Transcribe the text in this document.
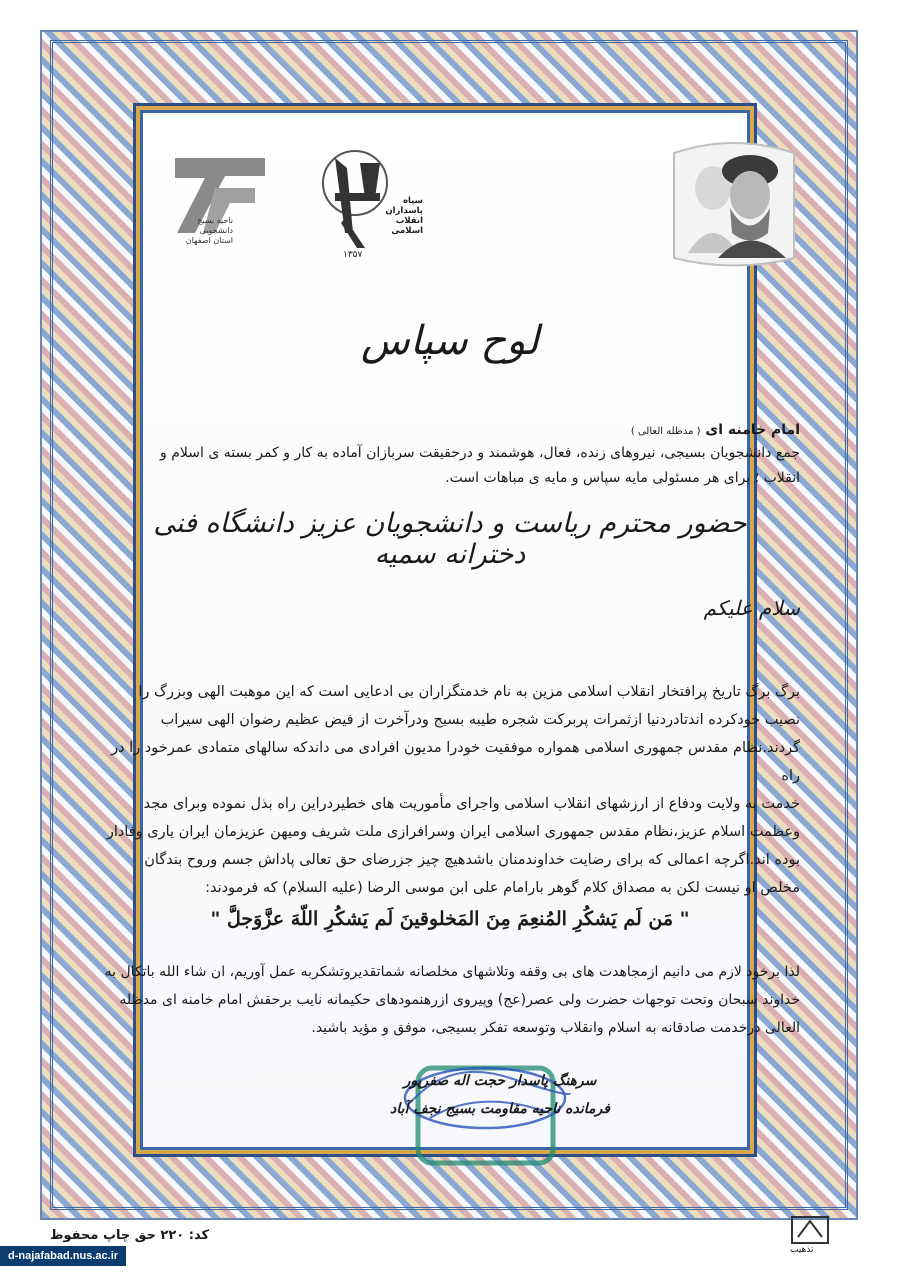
ناحیه بسیج
دانشجویی
استان اصفهان
سپاه
پاسداران
انقلاب
اسلامی
۱۳۵۷
لوح سپاس
امام خامنه ای ( مدظله العالی )
جمع دانشجویان بسیجی، نیروهای زنده، فعال، هوشمند و درحقیقت سربازان آماده به کار و کمر بسته ی اسلام و
انقلاب ؛ برای هر مسئولی مایه سپاس و مایه ی مباهات است.
حضور محترم ریاست و دانشجویان عزیز دانشگاه فنی دخترانه سمیه
سلام علیکم
برگ برگ تاریخ پرافتخار انقلاب اسلامی مزین به نام خدمتگزاران بی ادعایی است که این موهبت الهی وبزرگ را
نصیب خودکرده اندتادردنیا ازثمرات پربرکت شجره طیبه بسیج ودرآخرت از فیض عظیم رضوان الهی سیراب
گردند.نظام مقدس جمهوری اسلامی همواره موفقیت خودرا مدیون افرادی می داندکه سالهای متمادی عمرخود را در راه
خدمت به ولایت ودفاع از ارزشهای انقلاب اسلامی واجرای مأموریت های خطیردراین راه بذل نموده وبرای مجد
وعظمت اسلام عزیز،نظام مقدس جمهوری اسلامی ایران وسرافرازی ملت شریف ومیهن عزیزمان ایران یاری وفادار
بوده اند.اگرچه اعمالی که برای رضایت خداوندمنان باشدهیچ چیز جزرضای حق تعالی پاداش جسم وروح بندگان
مخلص او نیست لکن به مصداق کلام گوهر بارامام علی ابن موسی الرضا (علیه السلام) که فرمودند:
" مَن لَم یَشکُرِ المُنعِمَ مِنَ المَخلوقینَ لَم یَشکُرِ اللّهَ عزَّوَجلَّ "
لذا برخود لازم می دانیم ازمجاهدت های بی وقفه وتلاشهای مخلصانه شماتقدیروتشکربه عمل آوریم، ان شاء الله باتکال به
خداوند سبحان وتحت توجهات حضرت ولی عصر(عج) وپیروی ازرهنمودهای حکیمانه نایب برحقش امام خامنه ای مدظله
العالی درخدمت صادقانه به اسلام وانقلاب وتوسعه تفکر بسیجی، موفق و مؤید باشید.
سرهنگ پاسدار حجت اله صفرپور
فرمانده ناحیه مقاومت بسیج نجف آباد
کد: ۲۲۰ حق چاپ محفوظ
تذهیب
d-najafabad.nus.ac.ir
